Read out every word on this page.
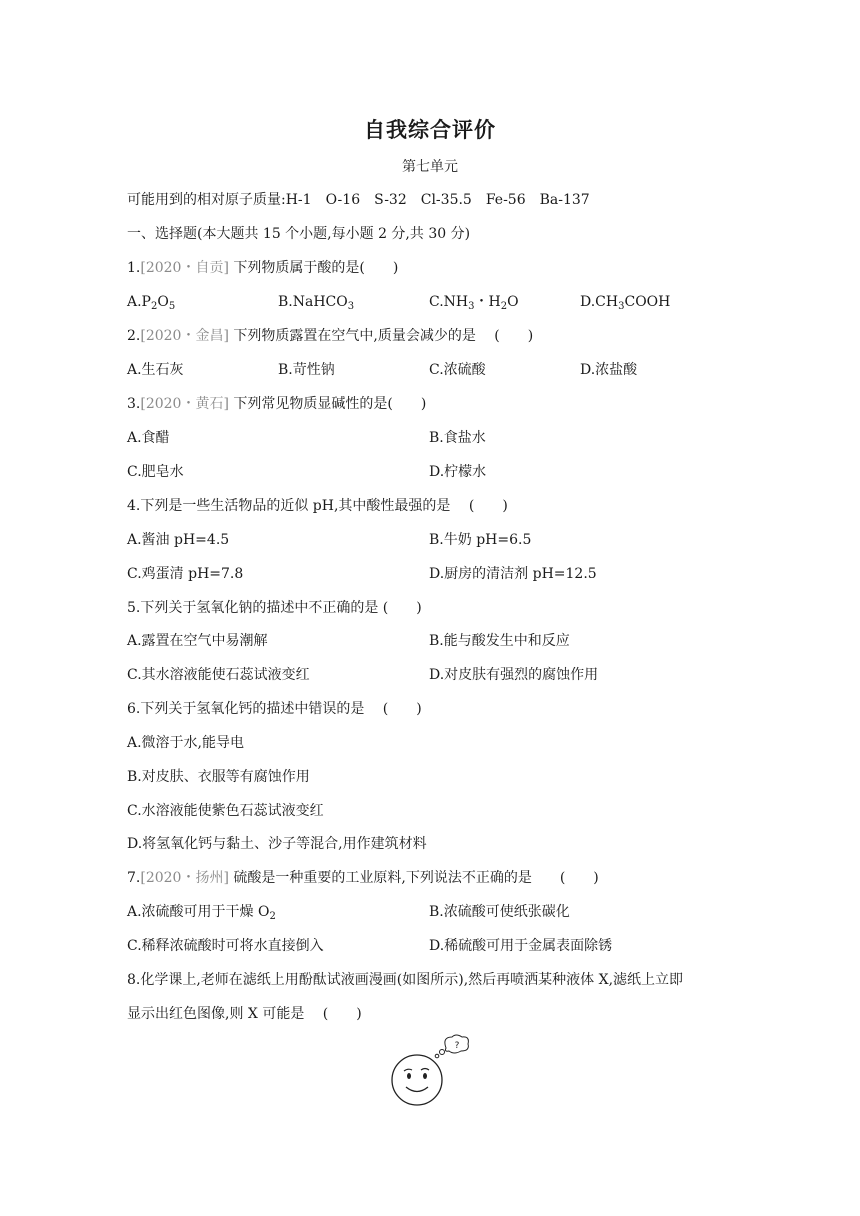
自我综合评价
第七单元
可能用到的相对原子质量:H-1　O-16　S-32　Cl-35.5　Fe-56　Ba-137
一、选择题(本大题共 15 个小题,每小题 2 分,共 30 分)
1.[2020・自贡] 下列物质属于酸的是(　　)
$A.P_2O_5$	B.NaHCO$_3$	$C.NH_3$・$H_2O$	$D.CH_3COOH$
2.[2020・金昌] 下列物质露置在空气中,质量会减少的是　 (　　)
A.生石灰	B.苛性钠	C.浓硫酸	D.浓盐酸
3.[2020・黄石] 下列常见物质显碱性的是(　　)
A.食醋	B.食盐水
C.肥皂水	D.柠檬水
4.下列是一些生活物品的近似 pH,其中酸性最强的是　 (　　)
A.酱油 pH=4.5	B.牛奶 pH=6.5
C.鸡蛋清 pH=7.8	D.厨房的清洁剂 pH=12.5
5.下列关于氢氧化钠的描述中不正确的是 (　　)
A.露置在空气中易潮解	B.能与酸发生中和反应
C.其水溶液能使石蕊试液变红	D.对皮肤有强烈的腐蚀作用
6.下列关于氢氧化钙的描述中错误的是　 (　　)
A.微溶于水,能导电
B.对皮肤、衣服等有腐蚀作用
C.水溶液能使紫色石蕊试液变红
D.将氢氧化钙与黏土、沙子等混合,用作建筑材料
7.[2020・扬州] 硫酸是一种重要的工业原料,下列说法不正确的是　　(　　)
A.浓硫酸可用于干燥 $O_2$	B.浓硫酸可使纸张碳化
C.稀释浓硫酸时可将水直接倒入	D.稀硫酸可用于金属表面除锈
8.化学课上,老师在滤纸上用酚酞试液画漫画(如图所示),然后再喷洒某种液体 X,滤纸上立即
显示出红色图像,则 X 可能是　 (　　)
?
